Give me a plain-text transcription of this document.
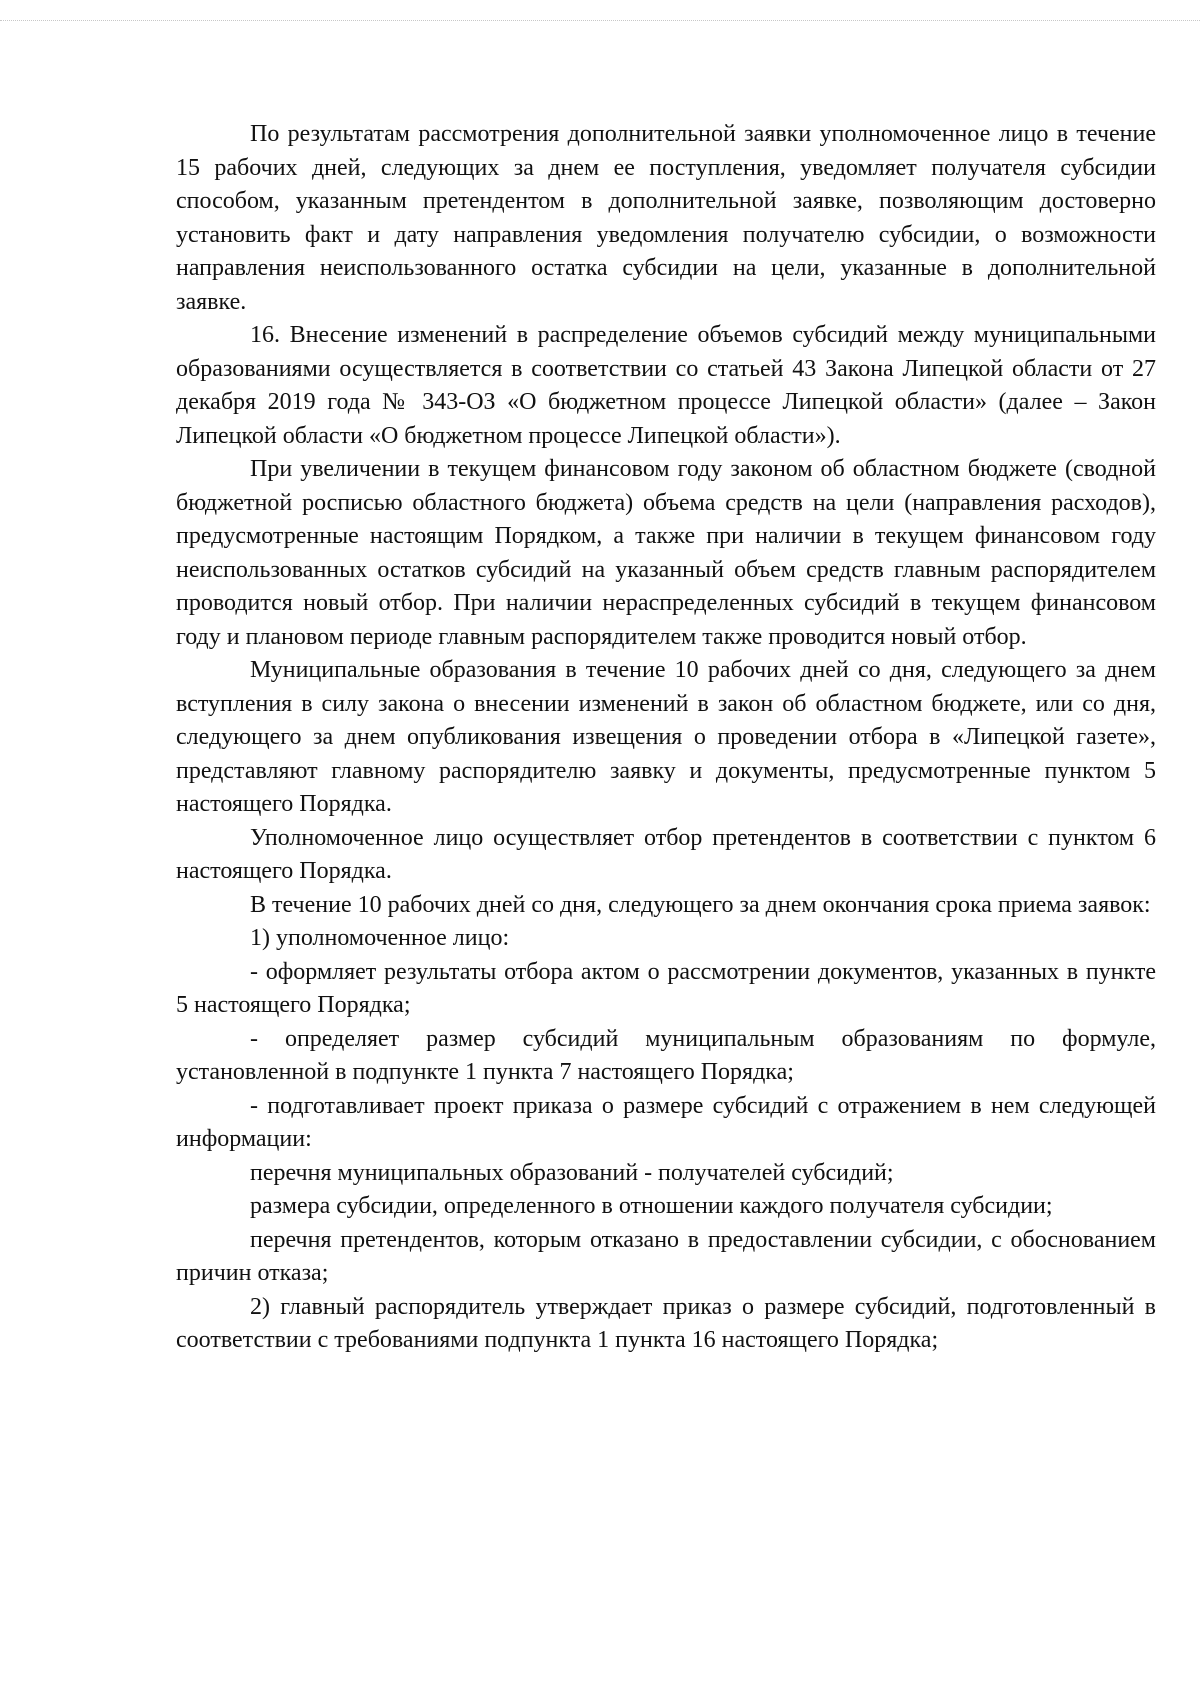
По результатам рассмотрения дополнительной заявки уполномоченное лицо в течение 15 рабочих дней, следующих за днем ее поступления, уведомляет получателя субсидии способом, указанным претендентом в дополнительной заявке, позволяющим достоверно установить факт и дату направления уведомления получателю субсидии, о возможности направления неиспользованного остатка субсидии на цели, указанные в дополнительной заявке.

16. Внесение изменений в распределение объемов субсидий между муниципальными образованиями осуществляется в соответствии со статьей 43 Закона Липецкой области от 27 декабря 2019 года № 343-ОЗ «О бюджетном процессе Липецкой области» (далее – Закон Липецкой области «О бюджетном процессе Липецкой области»).

При увеличении в текущем финансовом году законом об областном бюджете (сводной бюджетной росписью областного бюджета) объема средств на цели (направления расходов), предусмотренные настоящим Порядком, а также при наличии в текущем финансовом году неиспользованных остатков субсидий на указанный объем средств главным распорядителем проводится новый отбор. При наличии нераспределенных субсидий в текущем финансовом году и плановом периоде главным распорядителем также проводится новый отбор.

Муниципальные образования в течение 10 рабочих дней со дня, следующего за днем вступления в силу закона о внесении изменений в закон об областном бюджете, или со дня, следующего за днем опубликования извещения о проведении отбора в «Липецкой газете», представляют главному распорядителю заявку и документы, предусмотренные пунктом 5 настоящего Порядка.

Уполномоченное лицо осуществляет отбор претендентов в соответствии с пунктом 6 настоящего Порядка.

В течение 10 рабочих дней со дня, следующего за днем окончания срока приема заявок:

1) уполномоченное лицо:

- оформляет результаты отбора актом о рассмотрении документов, указанных в пункте 5 настоящего Порядка;

- определяет размер субсидий муниципальным образованиям по формуле, установленной в подпункте 1 пункта 7 настоящего Порядка;

- подготавливает проект приказа о размере субсидий с отражением в нем следующей информации:

перечня муниципальных образований - получателей субсидий;

размера субсидии, определенного в отношении каждого получателя субсидии;

перечня претендентов, которым отказано в предоставлении субсидии, с обоснованием причин отказа;

2) главный распорядитель утверждает приказ о размере субсидий, подготовленный в соответствии с требованиями подпункта 1 пункта 16 настоящего Порядка;
